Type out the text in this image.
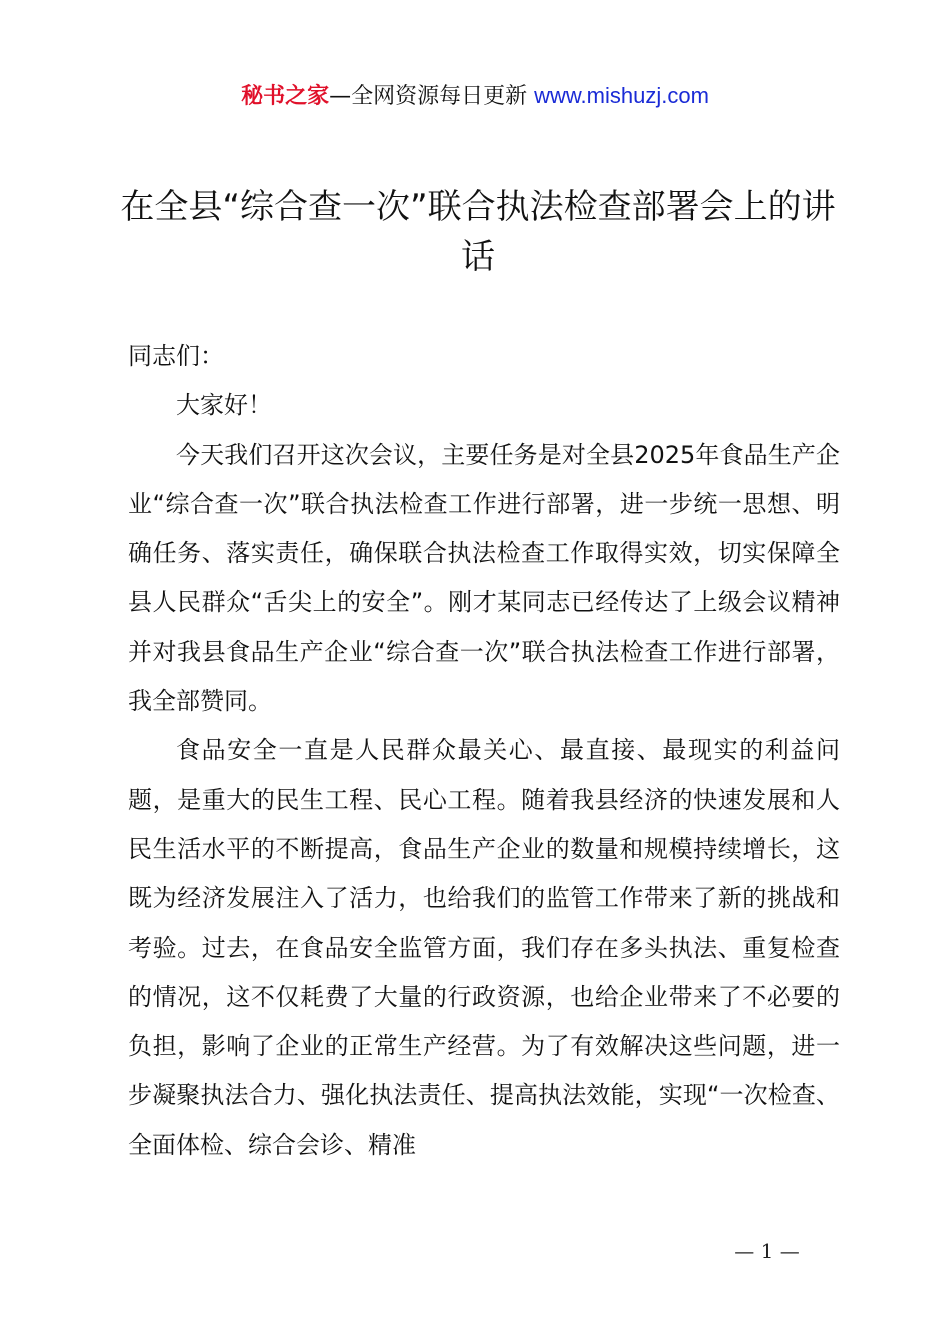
秘书之家—全网资源每日更新 www.mishuzj.com
在全县“综合查一次”联合执法检查部署会上的讲话

同志们：

大家好！

今天我们召开这次会议，主要任务是对全县2025年食品生产企业“综合查一次”联合执法检查工作进行部署，进一步统一思想、明确任务、落实责任，确保联合执法检查工作取得实效，切实保障全县人民群众“舌尖上的安全”。刚才某同志已经传达了上级会议精神并对我县食品生产企业“综合查一次”联合执法检查工作进行部署，我全部赞同。

食品安全一直是人民群众最关心、最直接、最现实的利益问题，是重大的民生工程、民心工程。随着我县经济的快速发展和人民生活水平的不断提高，食品生产企业的数量和规模持续增长，这既为经济发展注入了活力，也给我们的监管工作带来了新的挑战和考验。过去，在食品安全监管方面，我们存在多头执法、重复检查的情况，这不仅耗费了大量的行政资源，也给企业带来了不必要的负担，影响了企业的正常生产经营。为了有效解决这些问题，进一步凝聚执法合力、强化执法责任、提高执法效能，实现“一次检查、全面体检、综合会诊、精准

— 1 —
